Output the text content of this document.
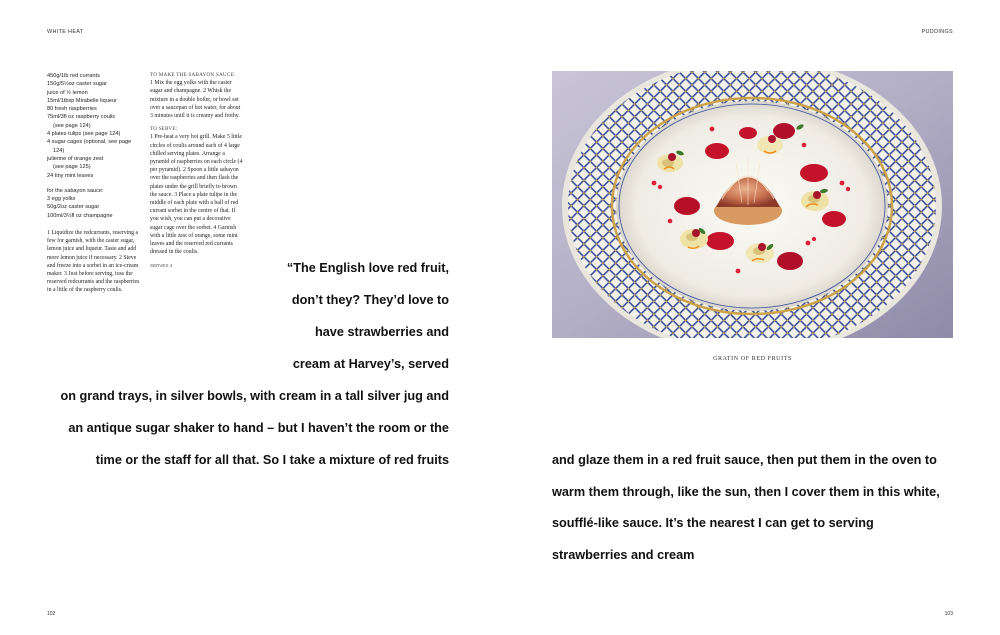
WHITE HEAT
450g/1lb red currants
150g/5½oz caster sugar
juice of ½ lemon
15ml/1tbsp Mirabelle liqueur
80 fresh raspberries
75ml/3fl oz raspberry coulis
(see page 124)
4 plates tulips (see page 124)
4 sugar cages (optional, see page
124)
julienne of orange zest
(see page 125)
24 tiny mint leaves
for the sabayon sauce:
3 egg yolks
50g/2oz caster sugar
100ml/3½fl oz champagne
1 Liquidize the redcurrants, reserving a few for garnish, with the caster sugar, lemon juice and liqueur. Taste and add more lemon juice if necessary. 2 Sieve and freeze into a sorbet in an ice-cream maker. 3 Just before serving, toss the reserved redcurrants and the raspberries in a little of the raspberry coulis.
TO MAKE THE SABAYON SAUCE:
1 Mix the egg yolks with the caster sugar and champagne. 2 Whisk the mixture in a double boiler, or bowl set over a saucepan of hot water, for about 3 minutes until it is creamy and frothy.
TO SERVE:
1 Pre-heat a very hot grill. Make 5 little circles of coulis around each of 4 large chilled serving plates. Arrange a pyramid of raspberries on each circle (4 per pyramid). 2 Spoon a little sabayon over the raspberries and then flash the plates under the grill briefly to brown the sauce. 3 Place a plate tulipe in the middle of each plate with a ball of red currant sorbet in the centre of that. If you wish, you can put a decorative sugar cage over the sorbet. 4 Garnish with a little zest of orange, some mint leaves and the reserved red currants dressed in the coulis.
SERVES 4	“The English love red fruit,
don’t they? They’d love to
have strawberries and
cream at Harvey’s, served
on grand trays, in silver bowls, with cream in a tall silver jug and
an antique sugar shaker to hand – but I haven’t the room or the
time or the staff for all that. So I take a mixture of red fruits
102
PUDDINGS
103
GRATIN OF RED FRUITS
and glaze them in a red fruit sauce, then put them in the oven to
warm them through, like the sun, then I cover them in this white,
soufflé-like sauce. It’s the nearest I can get to serving
strawberries and cream
